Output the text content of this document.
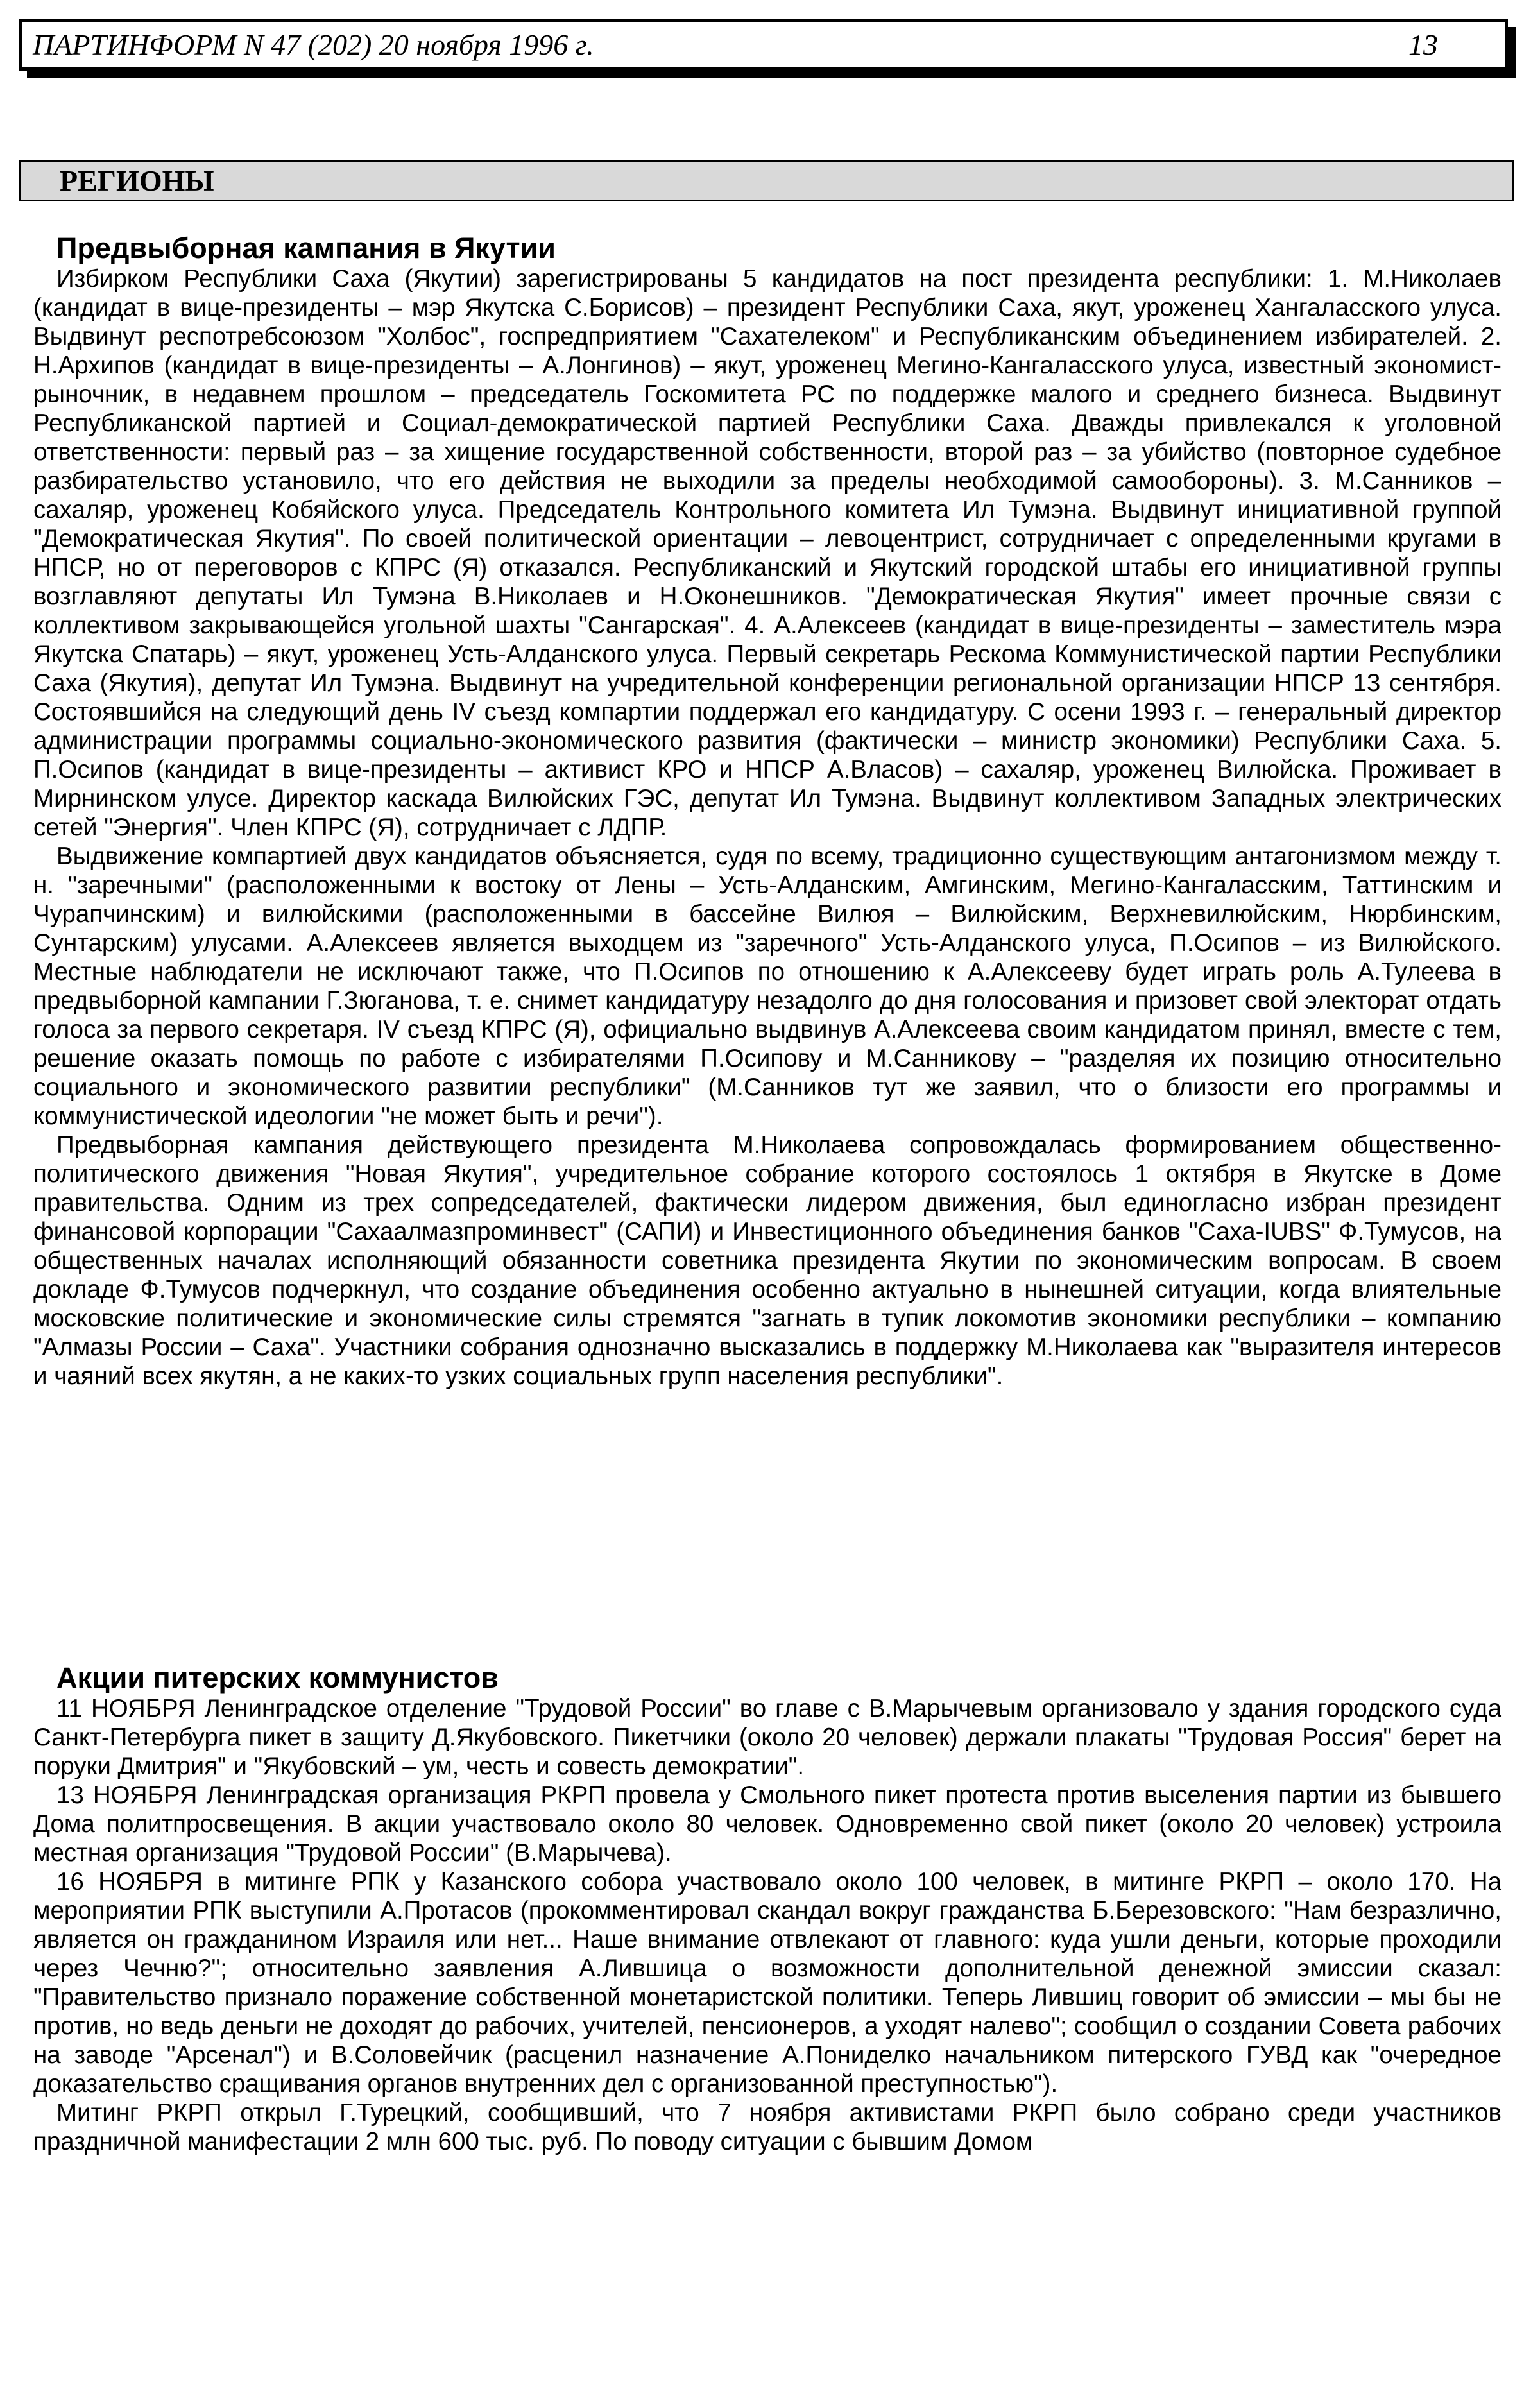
ПАРТИНФОРМ N 47 (202) 20 ноября 1996 г.	13
РЕГИОНЫ
Предвыборная кампания в Якутии

Избирком Республики Саха (Якутии) зарегистрированы 5 кандидатов на пост президента республики: 1. М.Николаев (кандидат в вице-президенты – мэр Якутска С.Борисов) – президент Республики Саха, якут, уроженец Хангаласского улуса. Выдвинут респотребсоюзом "Холбос", госпредприятием "Сахателеком" и Республиканским объединением избирателей. 2. Н.Архипов (кандидат в вице-президенты – А.Лонгинов) – якут, уроженец Мегино-Кангаласского улуса, известный экономист-рыночник, в недавнем прошлом – председатель Госкомитета РС по поддержке малого и среднего бизнеса. Выдвинут Республиканской партией и Социал-демократической партией Республики Саха. Дважды привлекался к уголовной ответственности: первый раз – за хищение государственной собственности, второй раз – за убийство (повторное судебное разбирательство установило, что его действия не выходили за пределы необходимой самообороны). 3. М.Санников – сахаляр, уроженец Кобяйского улуса. Председатель Контрольного комитета Ил Тумэна. Выдвинут инициативной группой "Демократическая Якутия". По своей политической ориентации – левоцентрист, сотрудничает с определенными кругами в НПСР, но от переговоров с КПРС (Я) отказался. Республиканский и Якутский городской штабы его инициативной группы возглавляют депутаты Ил Тумэна В.Николаев и Н.Оконешников. "Демократическая Якутия" имеет прочные связи с коллективом закрывающейся угольной шахты "Сангарская". 4. А.Алексеев (кандидат в вице-президенты – заместитель мэра Якутска Спатарь) – якут, уроженец Усть-Алданского улуса. Первый секретарь Рескома Коммунистической партии Республики Саха (Якутия), депутат Ил Тумэна. Выдвинут на учредительной конференции региональной организации НПСР 13 сентября. Состоявшийся на следующий день IV съезд компартии поддержал его кандидатуру. С осени 1993 г. – генеральный директор администрации программы социально-экономического развития (фактически – министр экономики) Республики Саха. 5. П.Осипов (кандидат в вице-президенты – активист КРО и НПСР А.Власов) – сахаляр, уроженец Вилюйска. Проживает в Мирнинском улусе. Директор каскада Вилюйских ГЭС, депутат Ил Тумэна. Выдвинут коллективом Западных электрических сетей "Энергия". Член КПРС (Я), сотрудничает с ЛДПР.

Выдвижение компартией двух кандидатов объясняется, судя по всему, традиционно существующим антагонизмом между т. н. "заречными" (расположенными к востоку от Лены – Усть-Алданским, Амгинским, Мегино-Кангаласским, Таттинским и Чурапчинским) и вилюйскими (расположенными в бассейне Вилюя – Вилюйским, Верхневилюйским, Нюрбинским, Сунтарским) улусами. А.Алексеев является выходцем из "заречного" Усть-Алданского улуса, П.Осипов – из Вилюйского. Местные наблюдатели не исключают также, что П.Осипов по отношению к А.Алексееву будет играть роль А.Тулеева в предвыборной кампании Г.Зюганова, т. е. снимет кандидатуру незадолго до дня голосования и призовет свой электорат отдать голоса за первого секретаря. IV съезд КПРС (Я), официально выдвинув А.Алексеева своим кандидатом принял, вместе с тем, решение оказать помощь по работе с избирателями П.Осипову и М.Санникову – "разделяя их позицию относительно социального и экономического развитии республики" (М.Санников тут же заявил, что о близости его программы и коммунистической идеологии "не может быть и речи").

Предвыборная кампания действующего президента М.Николаева сопровождалась формированием общественно-политического движения "Новая Якутия", учредительное собрание которого состоялось 1 октября в Якутске в Доме правительства. Одним из трех сопредседателей, фактически лидером движения, был единогласно избран президент финансовой корпорации "Сахаалмазпроминвест" (САПИ) и Инвестиционного объединения банков "Саха-IUBS" Ф.Тумусов, на общественных началах исполняющий обязанности советника президента Якутии по экономическим вопросам. В своем докладе Ф.Тумусов подчеркнул, что создание объединения особенно актуально в нынешней ситуации, когда влиятельные московские политические и экономические силы стремятся "загнать в тупик локомотив экономики республики – компанию "Алмазы России – Саха". Участники собрания однозначно высказались в поддержку М.Николаева как "выразителя интересов и чаяний всех якутян, а не каких-то узких социальных групп населения республики".

Акции питерских коммунистов

11 НОЯБРЯ Ленинградское отделение "Трудовой России" во главе с В.Марычевым организовало у здания городского суда Санкт-Петербурга пикет в защиту Д.Якубовского. Пикетчики (около 20 человек) держали плакаты "Трудовая Россия" берет на поруки Дмитрия" и "Якубовский – ум, честь и совесть демократии".

13 НОЯБРЯ Ленинградская организация РКРП провела у Смольного пикет протеста против выселения партии из бывшего Дома политпросвещения. В акции участвовало около 80 человек. Одновременно свой пикет (около 20 человек) устроила местная организация "Трудовой России" (В.Марычева).

16 НОЯБРЯ в митинге РПК у Казанского собора участвовало около 100 человек, в митинге РКРП – около 170. На мероприятии РПК выступили А.Протасов (прокомментировал скандал вокруг гражданства Б.Березовского: "Нам безразлично, является он гражданином Израиля или нет... Наше внимание отвлекают от главного: куда ушли деньги, которые проходили через Чечню?"; относительно заявления А.Лившица о возможности дополнительной денежной эмиссии сказал: "Правительство признало поражение собственной монетаристской политики. Теперь Лившиц говорит об эмиссии – мы бы не против, но ведь деньги не доходят до рабочих, учителей, пенсионеров, а уходят налево"; сообщил о создании Совета рабочих на заводе "Арсенал") и В.Соловейчик (расценил назначение А.Пониделко начальником питерского ГУВД как "очередное доказательство сращивания органов внутренних дел с организованной преступностью").

Митинг РКРП открыл Г.Турецкий, сообщивший, что 7 ноября активистами РКРП было собрано среди участников праздничной манифестации 2 млн 600 тыс. руб. По поводу ситуации с бывшим Домом
